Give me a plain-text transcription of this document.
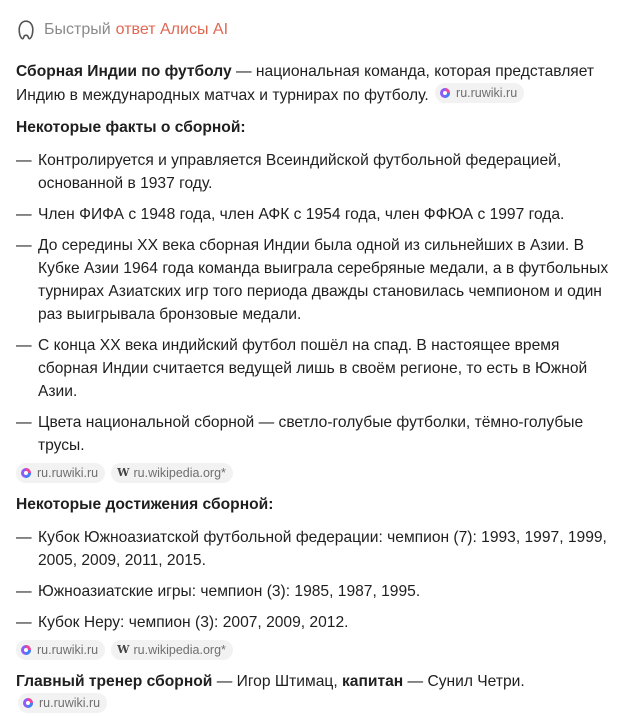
Быстрый ответ Алисы AI

Сборная Индии по футболу — национальная команда, которая представляет Индию в международных матчах и турнирах по футболу. ru.ruwiki.ru

Некоторые факты о сборной:

— Контролируется и управляется Всеиндийской футбольной федерацией, основанной в 1937 году.
— Член ФИФА с 1948 года, член АФК с 1954 года, член ФФЮА с 1997 года.
— До середины XX века сборная Индии была одной из сильнейших в Азии. В Кубке Азии 1964 года команда выиграла серебряные медали, а в футбольных турнирах Азиатских игр того периода дважды становилась чемпионом и один раз выигрывала бронзовые медали.
— С конца XX века индийский футбол пошёл на спад. В настоящее время сборная Индии считается ведущей лишь в своём регионе, то есть в Южной Азии.
— Цвета национальной сборной — светло-голубые футболки, тёмно-голубые трусы.
ru.ruwiki.ru W ru.wikipedia.org*

Некоторые достижения сборной:

— Кубок Южноазиатской футбольной федерации: чемпион (7): 1993, 1997, 1999, 2005, 2009, 2011, 2015.
— Южноазиатские игры: чемпион (3): 1985, 1987, 1995.
— Кубок Неру: чемпион (3): 2007, 2009, 2012.
ru.ruwiki.ru W ru.wikipedia.org*

Главный тренер сборной — Игор Штимац, капитан — Сунил Четри.
ru.ruwiki.ru
